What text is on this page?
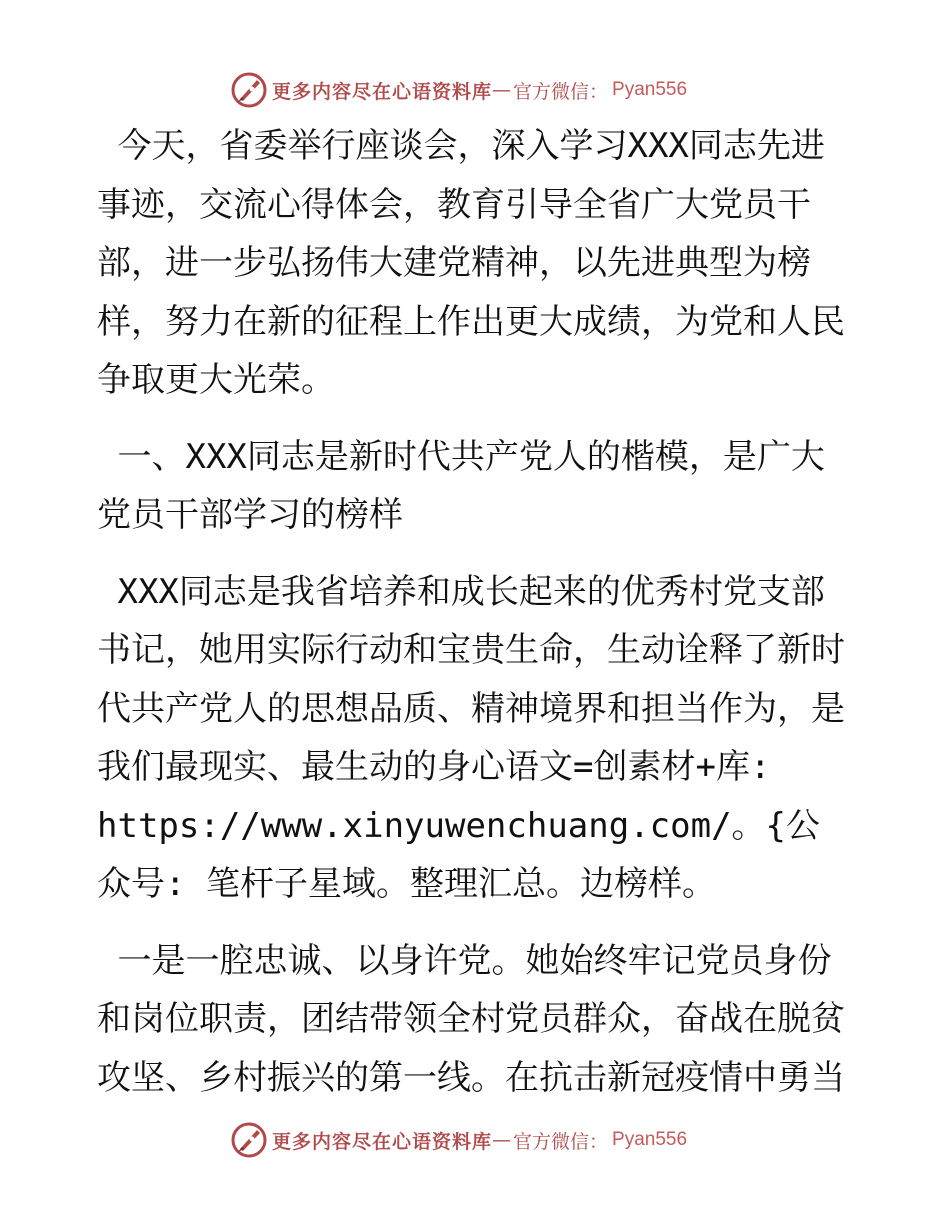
更多内容尽在心语资料库 — 官方微信： Pyan556

今天，省委举行座谈会，深入学习XXX同志先进事迹，交流心得体会，教育引导全省广大党员干部，进一步弘扬伟大建党精神，以先进典型为榜样，努力在新的征程上作出更大成绩，为党和人民争取更大光荣。

一、XXX同志是新时代共产党人的楷模，是广大党员干部学习的榜样

XXX同志是我省培养和成长起来的优秀村党支部书记，她用实际行动和宝贵生命，生动诠释了新时代共产党人的思想品质、精神境界和担当作为，是我们最现实、最生动的身心语文=创素材+库:
https://www.xinyuwenchuang.com/。{公众号: 笔杆子星域。整理汇总。边榜样。

一是一腔忠诚、以身许党。她始终牢记党员身份和岗位职责，团结带领全村党员群众，奋战在脱贫攻坚、乡村振兴的第一线。在抗击新冠疫情中勇当

更多内容尽在心语资料库 — 官方微信： Pyan556
